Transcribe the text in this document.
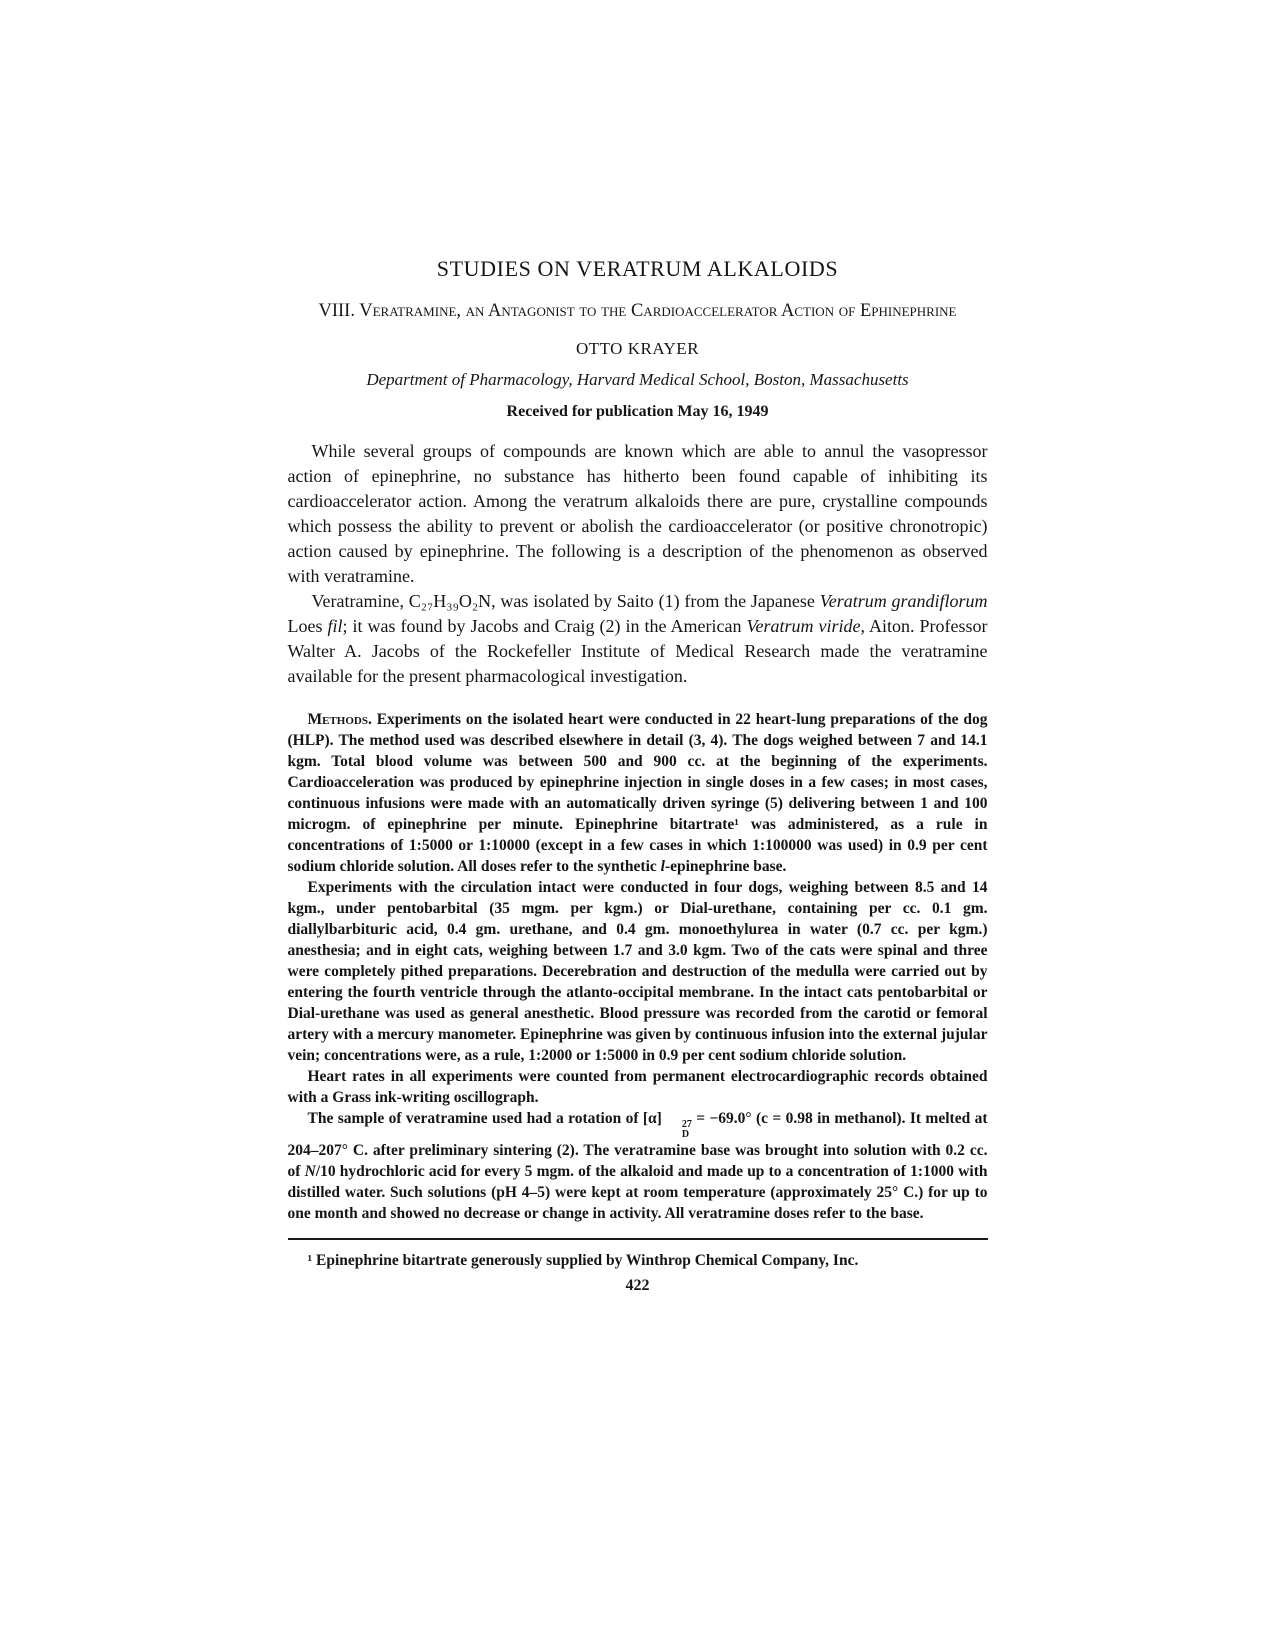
STUDIES ON VERATRUM ALKALOIDS
VIII. Veratramine, an Antagonist to the Cardioaccelerator Action of Ephinephrine
OTTO KRAYER
Department of Pharmacology, Harvard Medical School, Boston, Massachusetts
Received for publication May 16, 1949

While several groups of compounds are known which are able to annul the vasopressor action of epinephrine, no substance has hitherto been found capable of inhibiting its cardioaccelerator action. Among the veratrum alkaloids there are pure, crystalline compounds which possess the ability to prevent or abolish the cardioaccelerator (or positive chronotropic) action caused by epinephrine. The following is a description of the phenomenon as observed with veratramine.

Veratramine, C₂₇H₃₉O₂N, was isolated by Saito (1) from the Japanese Veratrum grandiflorum Loes fil; it was found by Jacobs and Craig (2) in the American Veratrum viride, Aiton. Professor Walter A. Jacobs of the Rockefeller Institute of Medical Research made the veratramine available for the present pharmacological investigation.

Methods. Experiments on the isolated heart were conducted in 22 heart-lung preparations of the dog (HLP). The method used was described elsewhere in detail (3, 4). The dogs weighed between 7 and 14.1 kgm. Total blood volume was between 500 and 900 cc. at the beginning of the experiments. Cardioacceleration was produced by epinephrine injection in single doses in a few cases; in most cases, continuous infusions were made with an automatically driven syringe (5) delivering between 1 and 100 microgm. of epinephrine per minute. Epinephrine bitartrate¹ was administered, as a rule in concentrations of 1:5000 or 1:10000 (except in a few cases in which 1:100000 was used) in 0.9 per cent sodium chloride solution. All doses refer to the synthetic l-epinephrine base.

Experiments with the circulation intact were conducted in four dogs, weighing between 8.5 and 14 kgm., under pentobarbital (35 mgm. per kgm.) or Dial-urethane, containing per cc. 0.1 gm. diallylbarbituric acid, 0.4 gm. urethane, and 0.4 gm. monoethylurea in water (0.7 cc. per kgm.) anesthesia; and in eight cats, weighing between 1.7 and 3.0 kgm. Two of the cats were spinal and three were completely pithed preparations. Decerebration and destruction of the medulla were carried out by entering the fourth ventricle through the atlanto-occipital membrane. In the intact cats pentobarbital or Dial-urethane was used as general anesthetic. Blood pressure was recorded from the carotid or femoral artery with a mercury manometer. Epinephrine was given by continuous infusion into the external jujular vein; concentrations were, as a rule, 1:2000 or 1:5000 in 0.9 per cent sodium chloride solution.

Heart rates in all experiments were counted from permanent electrocardiographic records obtained with a Grass ink-writing oscillograph.

The sample of veratramine used had a rotation of [α]	27
D
= −69.0° (c = 0.98 in methanol). It melted at 204–207° C. after preliminary sintering (2). The veratramine base was brought into solution with 0.2 cc. of N/10 hydrochloric acid for every 5 mgm. of the alkaloid and made up to a concentration of 1:1000 with distilled water. Such solutions (pH 4–5) were kept at room temperature (approximately 25° C.) for up to one month and showed no decrease or change in activity. All veratramine doses refer to the base.

¹ Epinephrine bitartrate generously supplied by Winthrop Chemical Company, Inc.

422
